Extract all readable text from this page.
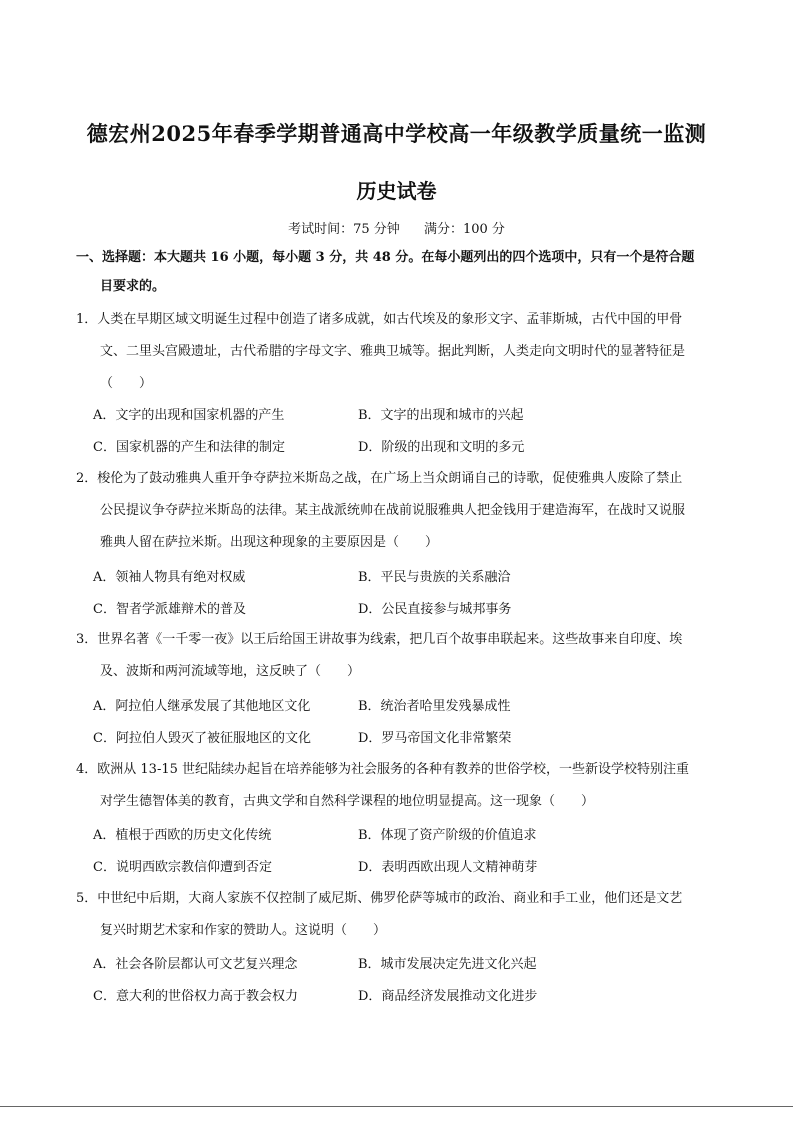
德宏州2025年春季学期普通高中学校高一年级教学质量统一监测
历史试卷
考试时间：75 分钟 满分：100 分
一、选择题：本大题共 16 小题，每小题 3 分，共 48 分。在每小题列出的四个选项中，只有一个是符合题
目要求的。
1．人类在早期区域文明诞生过程中创造了诸多成就，如古代埃及的象形文字、孟菲斯城，古代中国的甲骨
文、二里头宫殿遗址，古代希腊的字母文字、雅典卫城等。据此判断，人类走向文明时代的显著特征是
（　　）
A．文字的出现和国家机器的产生	B．文字的出现和城市的兴起
C．国家机器的产生和法律的制定	D．阶级的出现和文明的多元
2．梭伦为了鼓动雅典人重开争夺萨拉米斯岛之战，在广场上当众朗诵自己的诗歌，促使雅典人废除了禁止
公民提议争夺萨拉米斯岛的法律。某主战派统帅在战前说服雅典人把金钱用于建造海军，在战时又说服
雅典人留在萨拉米斯。出现这种现象的主要原因是（　　）
A．领袖人物具有绝对权威	B．平民与贵族的关系融洽
C．智者学派雄辩术的普及	D．公民直接参与城邦事务
3．世界名著《一千零一夜》以王后给国王讲故事为线索，把几百个故事串联起来。这些故事来自印度、埃
及、波斯和两河流域等地，这反映了（　　）
A．阿拉伯人继承发展了其他地区文化	B．统治者哈里发残暴成性
C．阿拉伯人毁灭了被征服地区的文化	D．罗马帝国文化非常繁荣
4．欧洲从 13-15 世纪陆续办起旨在培养能够为社会服务的各种有教养的世俗学校，一些新设学校特别注重
对学生德智体美的教育，古典文学和自然科学课程的地位明显提高。这一现象（　　）
A．植根于西欧的历史文化传统	B．体现了资产阶级的价值追求
C．说明西欧宗教信仰遭到否定	D．表明西欧出现人文精神萌芽
5．中世纪中后期，大商人家族不仅控制了威尼斯、佛罗伦萨等城市的政治、商业和手工业，他们还是文艺
复兴时期艺术家和作家的赞助人。这说明（　　）
A．社会各阶层都认可文艺复兴理念	B．城市发展决定先进文化兴起
C．意大利的世俗权力高于教会权力	D．商品经济发展推动文化进步
